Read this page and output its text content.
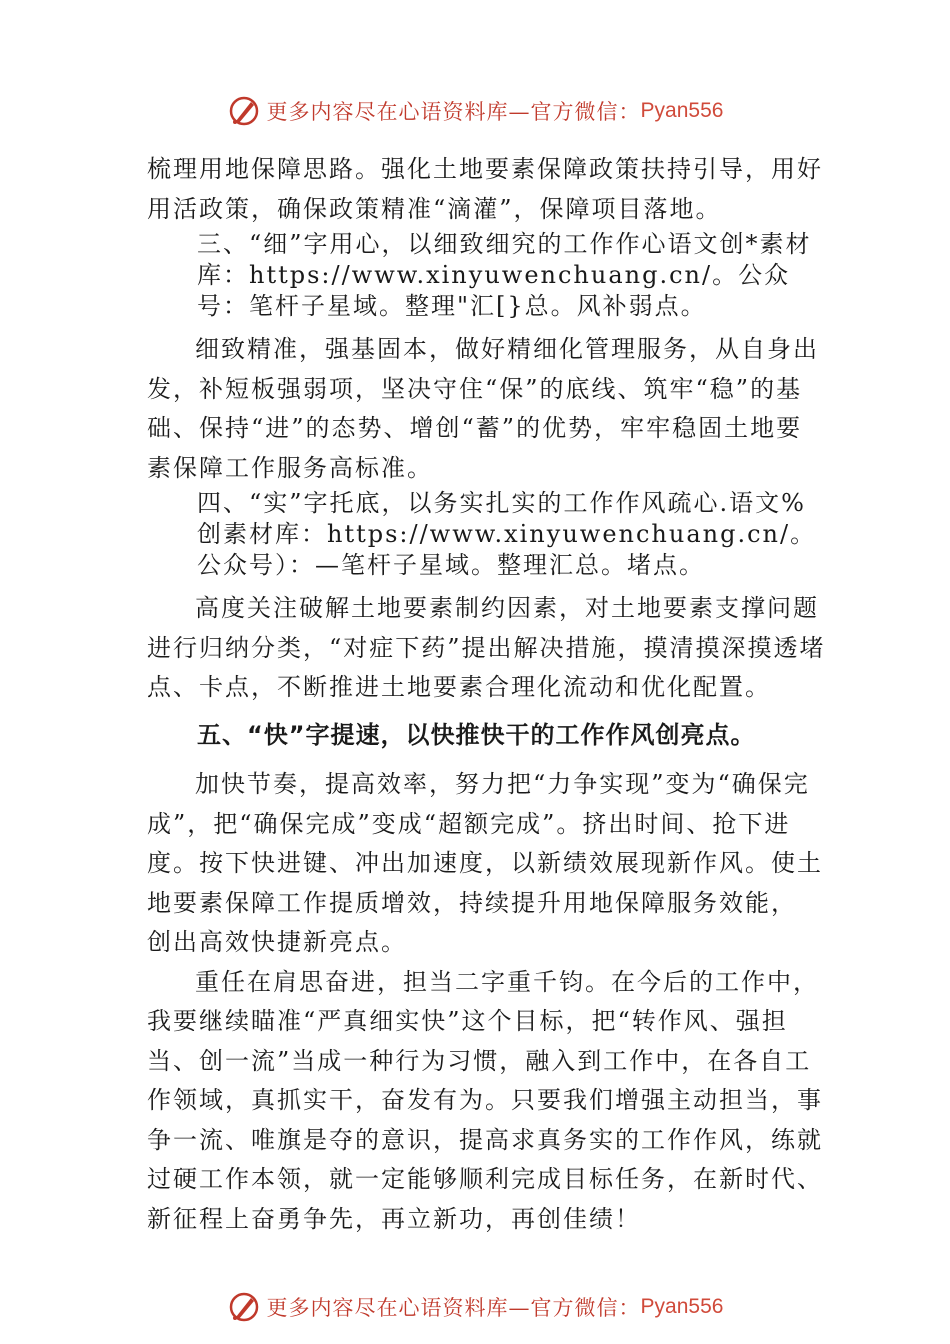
更多内容尽在心语资料库—官方微信： Pyan556

梳理用地保障思路。强化土地要素保障政策扶持引导，用好用活政策，确保政策精准“滴灌”，保障项目落地。

三、“细”字用心，以细致细究的工作作心语文创*素材库：https://www.xinyuwenchuang.cn/。公众号：笔杆子星域。整理"汇[}总。风补弱点。

细致精准，强基固本，做好精细化管理服务，从自身出发，补短板强弱项，坚决守住“保”的底线、筑牢“稳”的基础、保持“进”的态势、增创“蓄”的优势，牢牢稳固土地要素保障工作服务高标准。

四、“实”字托底，以务实扎实的工作作风疏心.语文%创素材库：https://www.xinyuwenchuang.cn/。公众号）：—笔杆子星域。整理汇总。堵点。

高度关注破解土地要素制约因素，对土地要素支撑问题进行归纳分类，“对症下药”提出解决措施，摸清摸深摸透堵点、卡点，不断推进土地要素合理化流动和优化配置。

五、“快”字提速，以快推快干的工作作风创亮点。

加快节奏，提高效率，努力把“力争实现”变为“确保完成”，把“确保完成”变成“超额完成”。挤出时间、抢下进度。按下快进键、冲出加速度，以新绩效展现新作风。使土地要素保障工作提质增效，持续提升用地保障服务效能， 创出高效快捷新亮点。

重任在肩思奋进，担当二字重千钧。在今后的工作中，

我要继续瞄准“严真细实快”这个目标，把“转作风、强担当、创一流”当成一种行为习惯，融入到工作中，在各自工作领域，真抓实干，奋发有为。只要我们增强主动担当，事争一流、唯旗是夺的意识，提高求真务实的工作作风，练就过硬工作本领，就一定能够顺利完成目标任务，在新时代、 新征程上奋勇争先，再立新功，再创佳绩！

更多内容尽在心语资料库—官方微信： Pyan556
